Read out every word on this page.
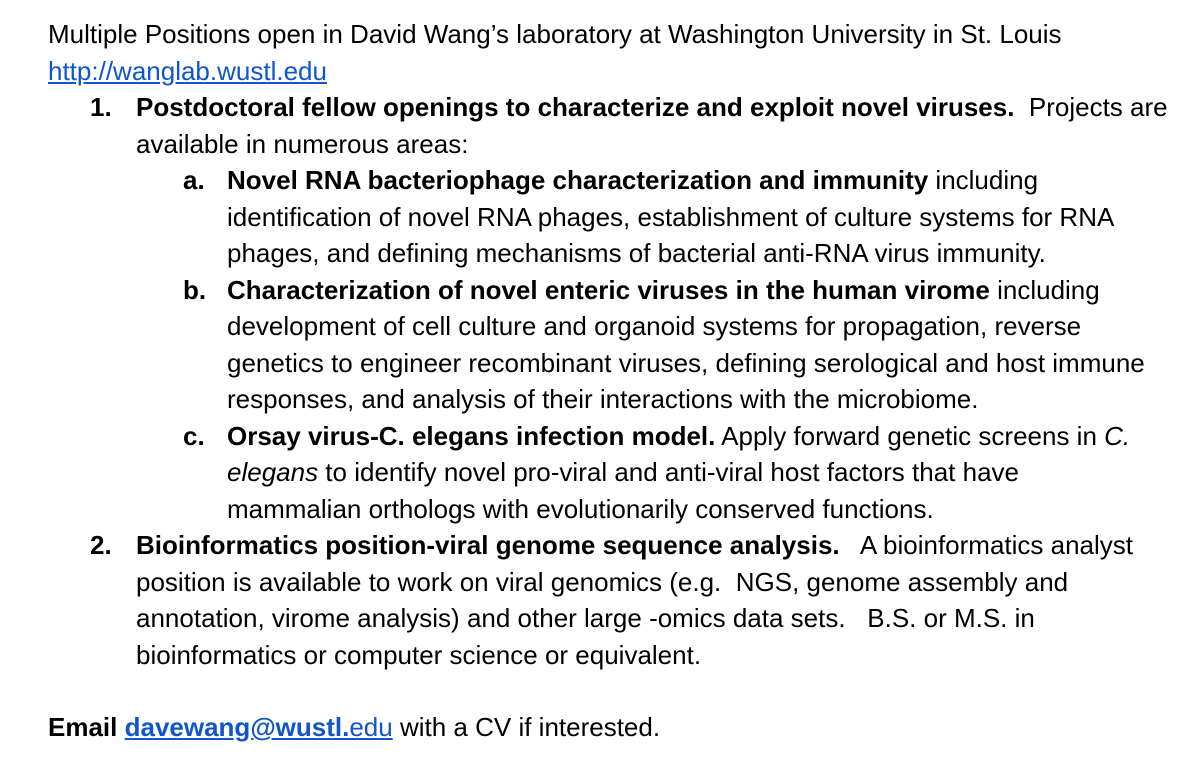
Multiple Positions open in David Wang’s laboratory at Washington University in St. Louis
http://wanglab.wustl.edu
1. Postdoctoral fellow openings to characterize and exploit novel viruses.  Projects are
available in numerous areas:
a. Novel RNA bacteriophage characterization and immunity including
identification of novel RNA phages, establishment of culture systems for RNA
phages, and defining mechanisms of bacterial anti-RNA virus immunity.
b. Characterization of novel enteric viruses in the human virome including
development of cell culture and organoid systems for propagation, reverse
genetics to engineer recombinant viruses, defining serological and host immune
responses, and analysis of their interactions with the microbiome.
c. Orsay virus-C. elegans infection model. Apply forward genetic screens in C.
elegans to identify novel pro-viral and anti-viral host factors that have
mammalian orthologs with evolutionarily conserved functions.
2. Bioinformatics position-viral genome sequence analysis.   A bioinformatics analyst
position is available to work on viral genomics (e.g.  NGS, genome assembly and
annotation, virome analysis) and other large -omics data sets.   B.S. or M.S. in
bioinformatics or computer science or equivalent.
Email davewang@wustl.edu with a CV if interested.
